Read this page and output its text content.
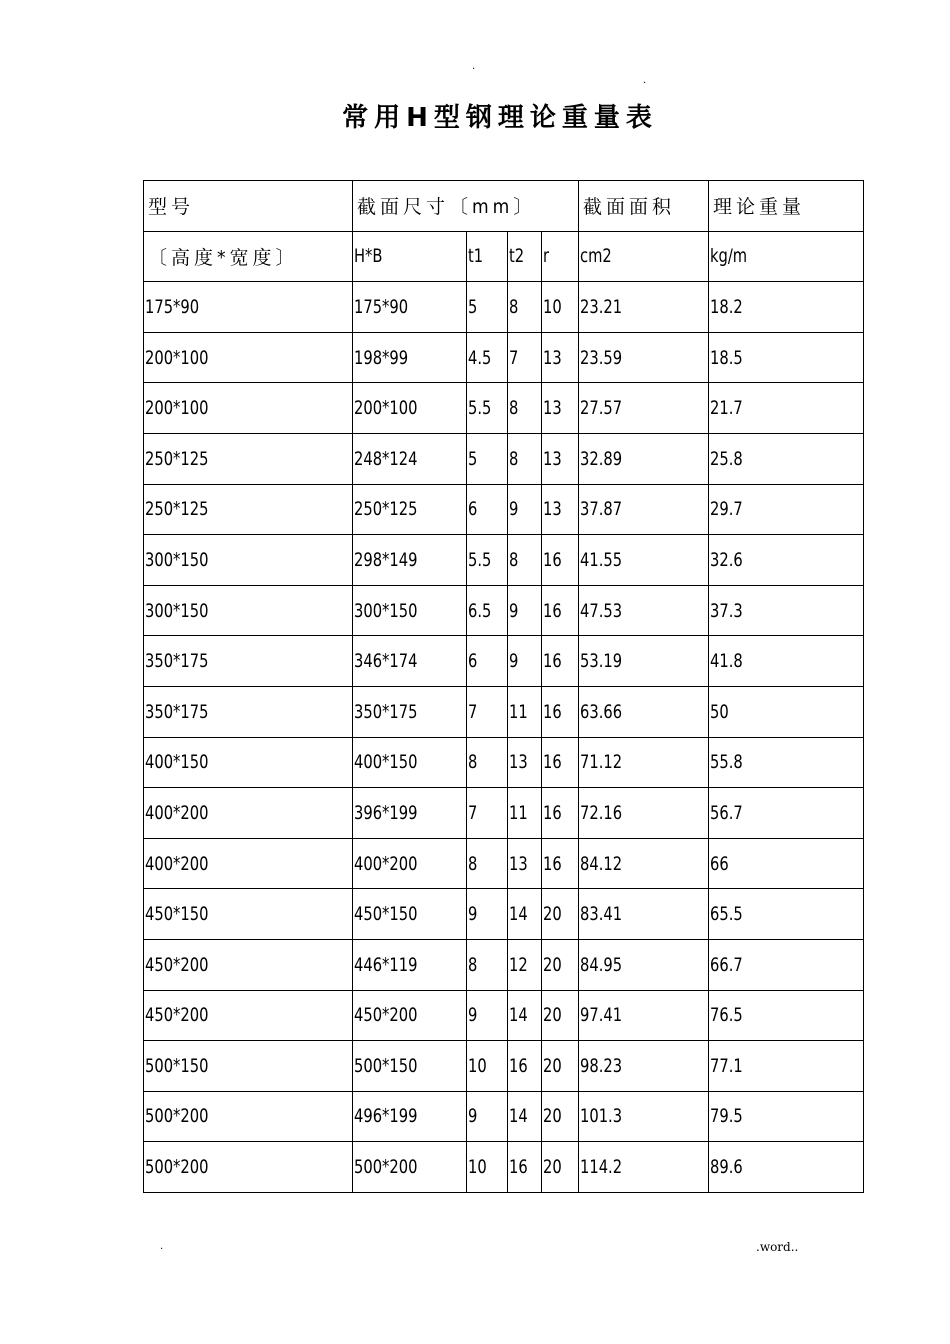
.
.
常用H型钢理论重量表
型号	截面尺寸〔mm〕				截面面积	理论重量
〔高度*宽度〕	H*B	t1	t2	r	cm2	kg/m
175*90	175*90	5	8	10	23.21	18.2
200*100	198*99	4.5	7	13	23.59	18.5
200*100	200*100	5.5	8	13	27.57	21.7
250*125	248*124	5	8	13	32.89	25.8
250*125	250*125	6	9	13	37.87	29.7
300*150	298*149	5.5	8	16	41.55	32.6
300*150	300*150	6.5	9	16	47.53	37.3
350*175	346*174	6	9	16	53.19	41.8
350*175	350*175	7	11	16	63.66	50
400*150	400*150	8	13	16	71.12	55.8
400*200	396*199	7	11	16	72.16	56.7
400*200	400*200	8	13	16	84.12	66
450*150	450*150	9	14	20	83.41	65.5
450*200	446*119	8	12	20	84.95	66.7
450*200	450*200	9	14	20	97.41	76.5
500*150	500*150	10	16	20	98.23	77.1
500*200	496*199	9	14	20	101.3	79.5
500*200	500*200	10	16	20	114.2	89.6
.	.word..
